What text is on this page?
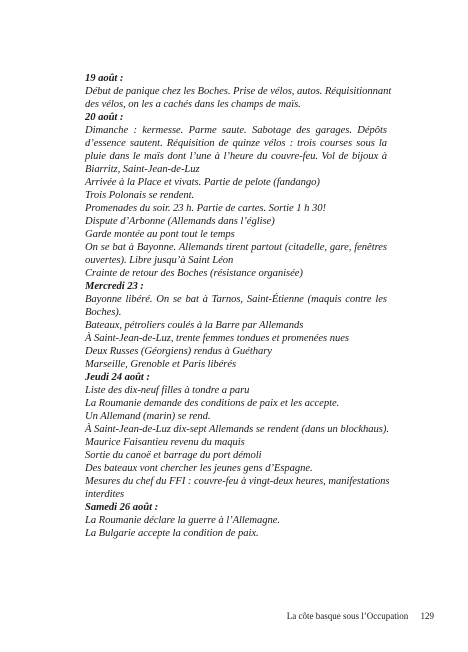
19 août :
Début de panique chez les Boches. Prise de vélos, autos. Réquisitionnant
des vélos, on les a cachés dans les champs de maïs.
20 août :
Dimanche : kermesse. Parme saute. Sabotage des garages. Dépôts
d’essence sautent. Réquisition de quinze vélos : trois courses sous la
pluie dans le maïs dont l’une à l’heure du couvre-feu. Vol de bijoux à
Biarritz, Saint-Jean-de-Luz
Arrivée à la Place et vivats. Partie de pelote (fandango)
Trois Polonais se rendent.
Promenades du soir. 23 h. Partie de cartes. Sortie 1 h 30!
Dispute d’Arbonne (Allemands dans l’église)
Garde montée au pont tout le temps
On se bat à Bayonne. Allemands tirent partout (citadelle, gare, fenêtres
ouvertes). Libre jusqu’à Saint Léon
Crainte de retour des Boches (résistance organisée)
Mercredi 23 :
Bayonne libéré. On se bat à Tarnos, Saint-Étienne (maquis contre les
Boches).
Bateaux, pétroliers coulés à la Barre par Allemands
À Saint-Jean-de-Luz, trente femmes tondues et promenées nues
Deux Russes (Géorgiens) rendus à Guéthary
Marseille, Grenoble et Paris libérés
Jeudi 24 août :
Liste des dix-neuf filles à tondre a paru
La Roumanie demande des conditions de paix et les accepte.
Un Allemand (marin) se rend.
À Saint-Jean-de-Luz dix-sept Allemands se rendent (dans un blockhaus).
Maurice Faisantieu revenu du maquis
Sortie du canoë et barrage du port démoli
Des bateaux vont chercher les jeunes gens d’Espagne.
Mesures du chef du FFI : couvre-feu à vingt-deux heures, manifestations
interdites
Samedi 26 août :
La Roumanie déclare la guerre à l’Allemagne.
La Bulgarie accepte la condition de paix.
La côte basque sous l’Occupation 129
